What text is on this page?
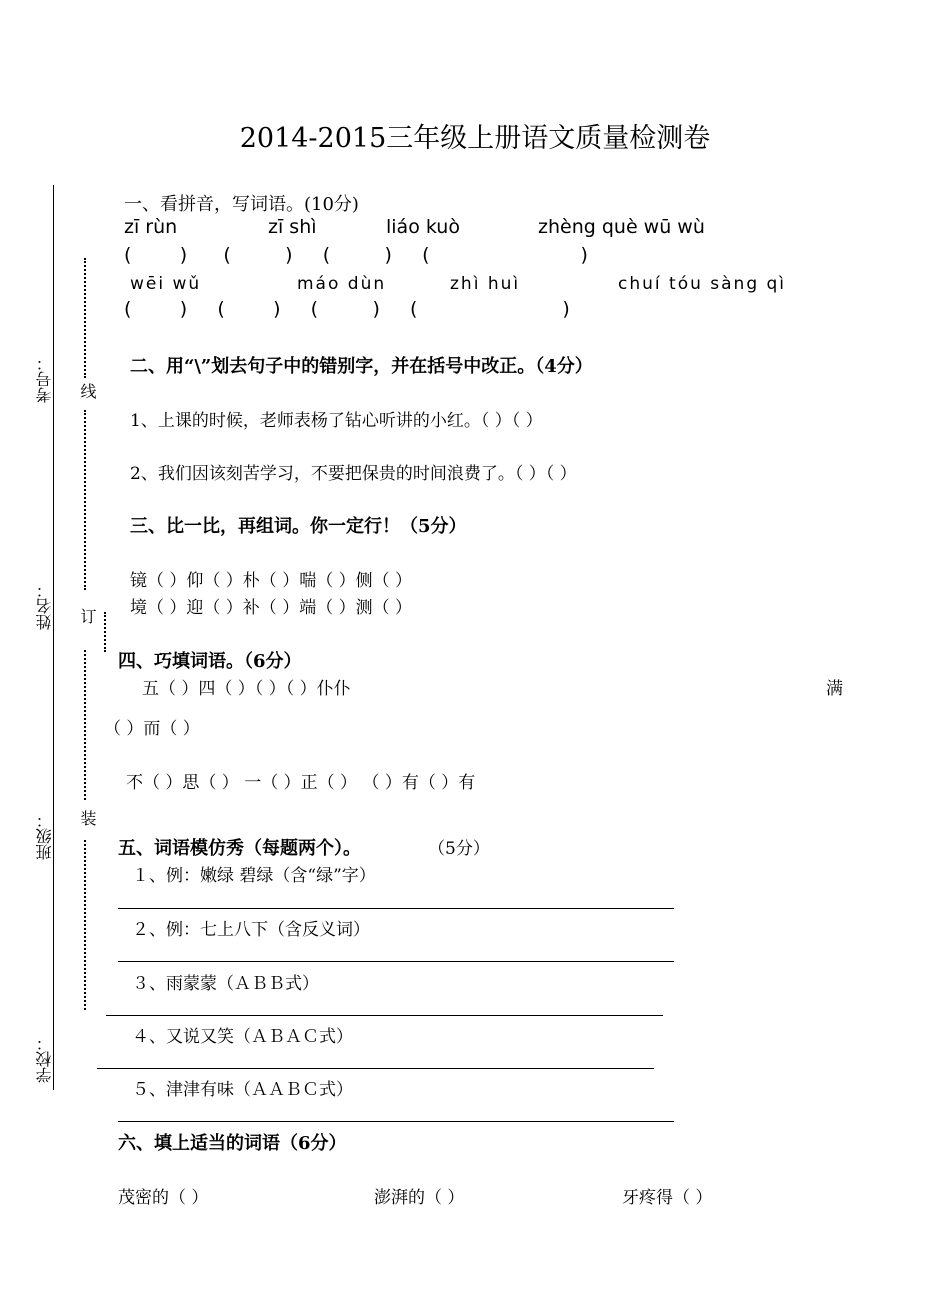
2014-2015三年级上册语文质量检测卷
考号：
姓名：
班级：
学校：
线
订
装
一、看拼音，写词语。(10分)
zī rùn	zī shì	liáo kuò	zhèng què wū wù
(        )      (         )     (         )     (                         )
wēi wǔ	máo dùn	zhì huì	chuí tóu sàng qì
(        )     (        )     (         )     (                        )
二、用“\”划去句子中的错别字，并在括号中改正。（4分）
1、上课的时候，老师表杨了钻心听讲的小红。（ ）（ ）
2、我们因该刻苦学习，不要把保贵的时间浪费了。（ ）（ ）
三、比一比，再组词。你一定行！（5分）
镜（ ）仰（ ）朴（ ）喘（ ）侧（ ）
境（ ）迎（ ）补（ ）端（ ）测（ ）
四、巧填词语。（6分）
五（ ）四（ ）（ ）（ ）仆仆	满
（ ）而（ ）
不（ ）思（ ） 一（ ）正（ ） （ ）有（ ）有
五、词语模仿秀（每题两个）。	（5分）
１、例：嫩绿 碧绿（含“绿”字）
２、例：七上八下（含反义词）
３、雨蒙蒙（ＡＢＢ式）
４、又说又笑（ＡＢＡＣ式）
５、津津有味（ＡＡＢＣ式）
六、填上适当的词语（6分）
茂密的（ ）	澎湃的（ ）	牙疼得（ ）
